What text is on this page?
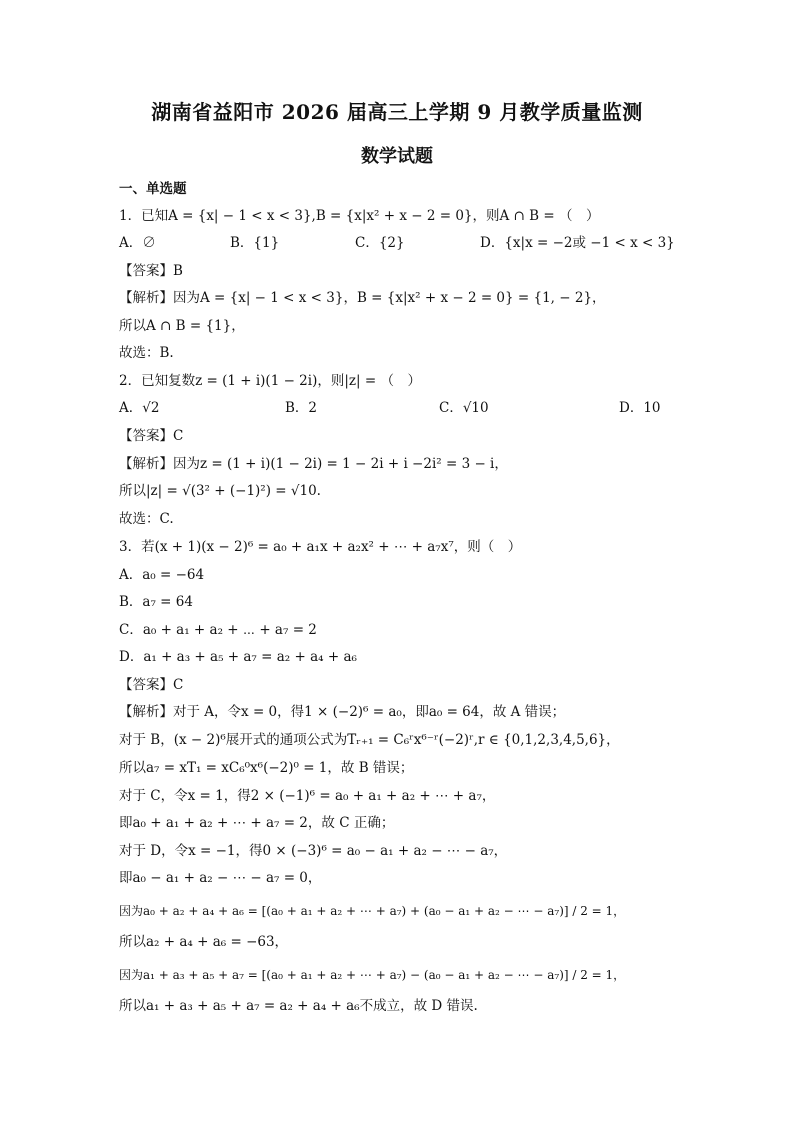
湖南省益阳市 2026 届高三上学期 9 月教学质量监测
数学试题
一、单选题
1．已知A = {x| − 1 < x < 3},B = {x|x² + x − 2 = 0}，则A ∩ B = （　）
A．∅	B．{1}	C．{2}	D．{x|x = −2或 −1 < x < 3}
【答案】B
【解析】因为A = {x| − 1 < x < 3}，B = {x|x² + x − 2 = 0} = {1, − 2}，
所以A ∩ B = {1}，
故选：B.
2．已知复数z = (1 + i)(1 − 2i)，则|z| = （　）
A．√2	B．2	C．√10	D．10
【答案】C
【解析】因为z = (1 + i)(1 − 2i) = 1 − 2i + i −2i² = 3 − i，
所以|z| = √(3² + (−1)²) = √10.
故选：C.
3．若(x + 1)(x − 2)⁶ = a₀ + a₁x + a₂x² + ⋯ + a₇x⁷，则（　）
A．a₀ = −64
B．a₇ = 64
C．a₀ + a₁ + a₂ + ⋯ + a₇ = 2
D．a₁ + a₃ + a₅ + a₇ = a₂ + a₄ + a₆
【答案】C
【解析】对于 A，令x = 0，得1 × (−2)⁶ = a₀，即a₀ = 64，故 A 错误；
对于 B，(x − 2)⁶展开式的通项公式为Tᵣ₊₁ = C₆ʳx⁶⁻ʳ(−2)ʳ,r ∈ {0,1,2,3,4,5,6}，
所以a₇ = xT₁ = xC₆⁰x⁶(−2)⁰ = 1，故 B 错误；
对于 C，令x = 1，得2 × (−1)⁶ = a₀ + a₁ + a₂ + ⋯ + a₇，
即a₀ + a₁ + a₂ + ⋯ + a₇ = 2，故 C 正确；
对于 D，令x = −1，得0 × (−3)⁶ = a₀ − a₁ + a₂ − ⋯ − a₇，
即a₀ − a₁ + a₂ − ⋯ − a₇ = 0，
因为a₀ + a₂ + a₄ + a₆ = [(a₀ + a₁ + a₂ + ⋯ + a₇) + (a₀ − a₁ + a₂ − ⋯ − a₇)] / 2 = 1，
所以a₂ + a₄ + a₆ = −63，
因为a₁ + a₃ + a₅ + a₇ = [(a₀ + a₁ + a₂ + ⋯ + a₇) − (a₀ − a₁ + a₂ − ⋯ − a₇)] / 2 = 1，
所以a₁ + a₃ + a₅ + a₇ = a₂ + a₄ + a₆不成立，故 D 错误.
